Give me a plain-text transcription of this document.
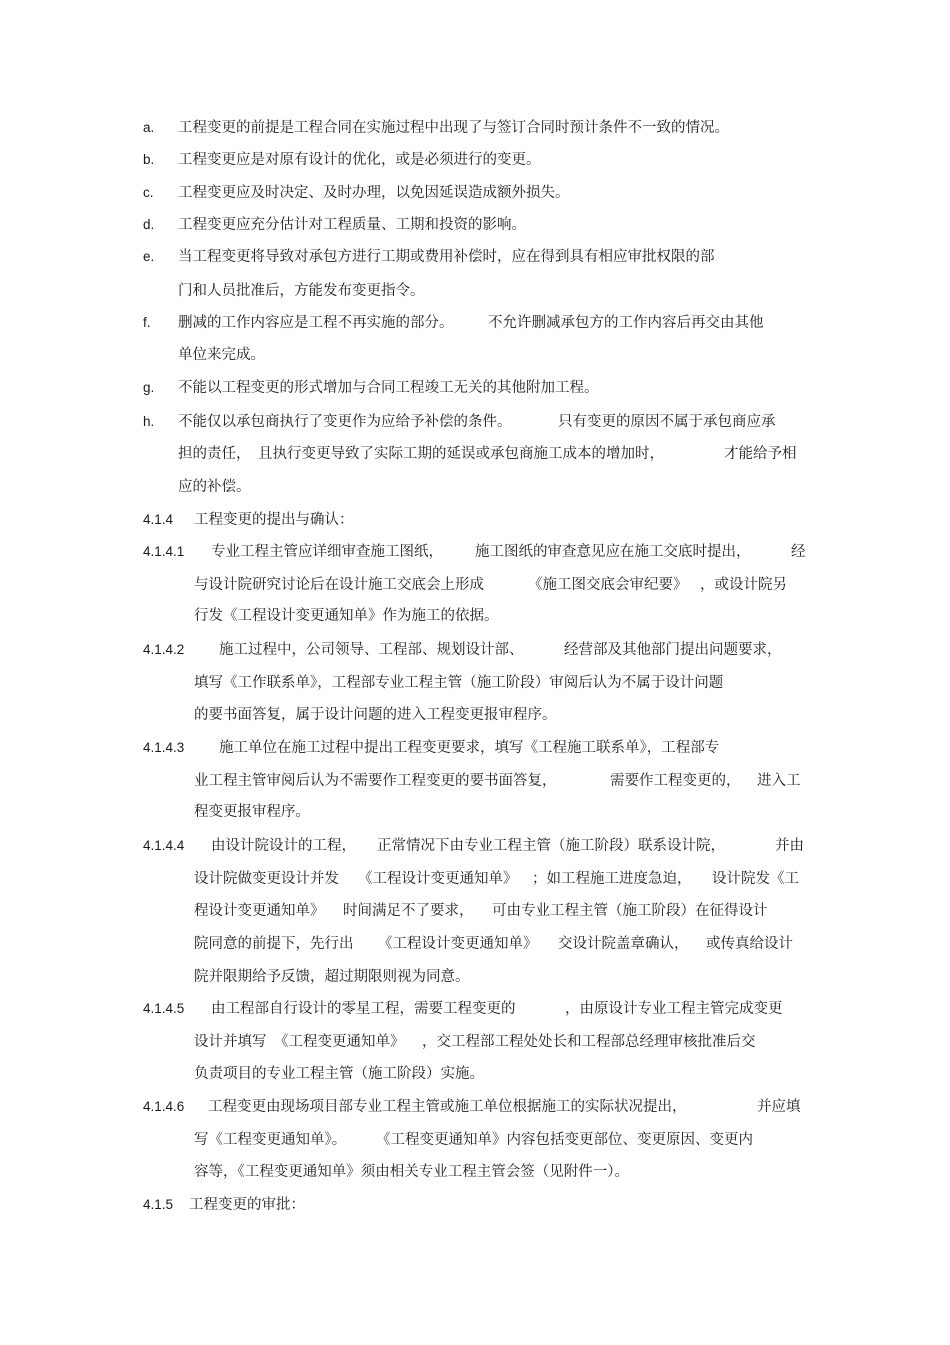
a. 工程变更的前提是工程合同在实施过程中出现了与签订合同时预计条件不一致的情况。
b. 工程变更应是对原有设计的优化，或是必须进行的变更。
c. 工程变更应及时决定、及时办理，以免因延误造成额外损失。
d. 工程变更应充分估计对工程质量、工期和投资的影响。
e. 当工程变更将导致对承包方进行工期或费用补偿时，应在得到具有相应审批权限的部
门和人员批准后，方能发布变更指令。
f. 删减的工作内容应是工程不再实施的部分。 不允许删减承包方的工作内容后再交由其他
单位来完成。
g. 不能以工程变更的形式增加与合同工程竣工无关的其他附加工程。
h. 不能仅以承包商执行了变更作为应给予补偿的条件。	只有变更的原因不属于承包商应承
担的责任， 且执行变更导致了实际工期的延误或承包商施工成本的增加时，	才能给予相
应的补偿。
4.1.4 工程变更的提出与确认：
4.1.4.1 专业工程主管应详细审查施工图纸， 施工图纸的审查意见应在施工交底时提出，	经
与设计院研究讨论后在设计施工交底会上形成	《施工图交底会审纪要》 ，或设计院另
行发《工程设计变更通知单》作为施工的依据。
4.1.4.2 施工过程中，公司领导、工程部、规划设计部、	经营部及其他部门提出问题要求，
填写《工作联系单》，工程部专业工程主管（施工阶段）审阅后认为不属于设计问题
的要书面答复，属于设计问题的进入工程变更报审程序。
4.1.4.3 施工单位在施工过程中提出工程变更要求，填写《工程施工联系单》，工程部专
业工程主管审阅后认为不需要作工程变更的要书面答复，	需要作工程变更的， 进入工
程变更报审程序。
4.1.4.4 由设计院设计的工程， 正常情况下由专业工程主管（施工阶段）联系设计院，	并由
设计院做变更设计并发 《工程设计变更通知单》 ；如工程施工进度急迫， 设计院发《工
程设计变更通知单》 时间满足不了要求， 可由专业工程主管（施工阶段）在征得设计
院同意的前提下，先行出 《工程设计变更通知单》 交设计院盖章确认， 或传真给设计
院并限期给予反馈，超过期限则视为同意。
4.1.4.5 由工程部自行设计的零星工程，需要工程变更的	，由原设计专业工程主管完成变更
设计并填写 《工程变更通知单》 ，交工程部工程处处长和工程部总经理审核批准后交
负责项目的专业工程主管（施工阶段）实施。
4.1.4.6 工程变更由现场项目部专业工程主管或施工单位根据施工的实际状况提出，	并应填
写《工程变更通知单》。 《工程变更通知单》内容包括变更部位、变更原因、变更内
容等，《工程变更通知单》须由相关专业工程主管会签（见附件一）。
4.1.5 工程变更的审批：
